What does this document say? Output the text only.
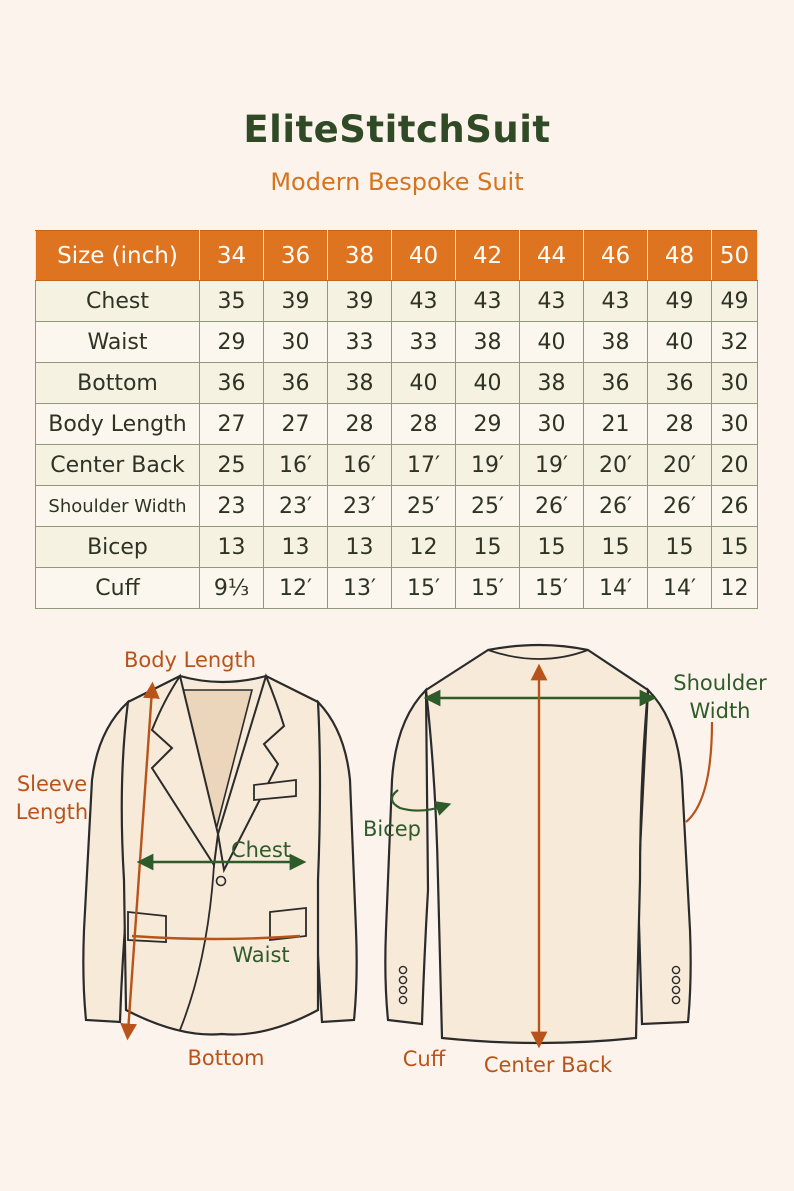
EliteStitchSuit
Modern Bespoke Suit
Size (inch)	34	36	38	40	42	44	46	48	50
Chest	35	39	39	43	43	43	43	49	49
Waist	29	30	33	33	38	40	38	40	32
Bottom	36	36	38	40	40	38	36	36	30
Body Length	27	27	28	28	29	30	21	28	30
Center Back	25	16′	16′	17′	19′	19′	20′	20′	20
Shoulder Width	23	23′	23′	25′	25′	26′	26′	26′	26
Bicep	13	13	13	12	15	15	15	15	15
Cuff	9⅓	12′	13′	15′	15′	15′	14′	14′	12
Body Length
Sleeve
Length
Chest
Waist
Bottom
Shoulder
Width
Bicep
Cuff Center Back
